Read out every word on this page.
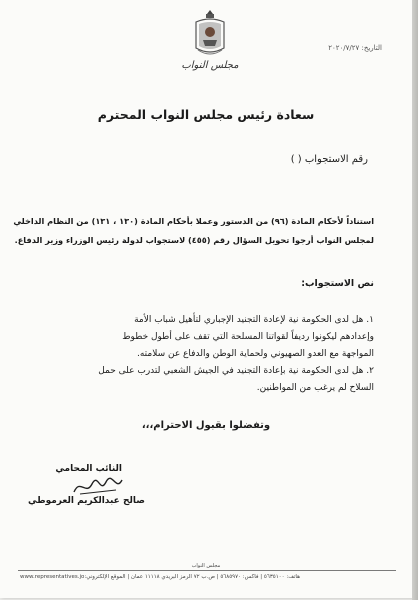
مجلس النواب
التاريخ: ٢٠٢٠/٧/٢٧
سعادة رئيس مجلس النواب المحترم
رقم الاستجواب ( )
استناداً لأحكام المادة (٩٦) من الدستور وعملا بأحكام المادة (١٣٠ ، ١٣١) من النظام الداخلي
لمجلس النواب أرجوا تحويل السؤال رقم (٤٥٥) لاستجواب لدولة رئيس الوزراء وزير الدفاع.
نص الاستجواب:
١. هل لدى الحكومة نية لإعادة التجنيد الإجباري لتأهيل شباب الأمة
وإعدادهم ليكونوا رديفاً لقواتنا المسلحة التي تقف على أطول خطوط
المواجهة مع العدو الصهيوني ولحماية الوطن والدفاع عن سلامته.
٢. هل لدى الحكومة نية بإعادة التجنيد في الجيش الشعبي لتدرب على حمل
السلاح لم يرغب من المواطنين.
وتفضلوا بقبول الاحترام،،،
النائب المحامي
صالح عبدالكريم العرموطي
مجلس النواب
هاتف: ٥٦٣٥١٠٠ | فاكس: ٥٦٨٥٩٧٠ | ص.ب ٧٢ الرمز البريدي ١١١١٨ عمان | الموقع الإلكتروني:
www.representatives.jo
